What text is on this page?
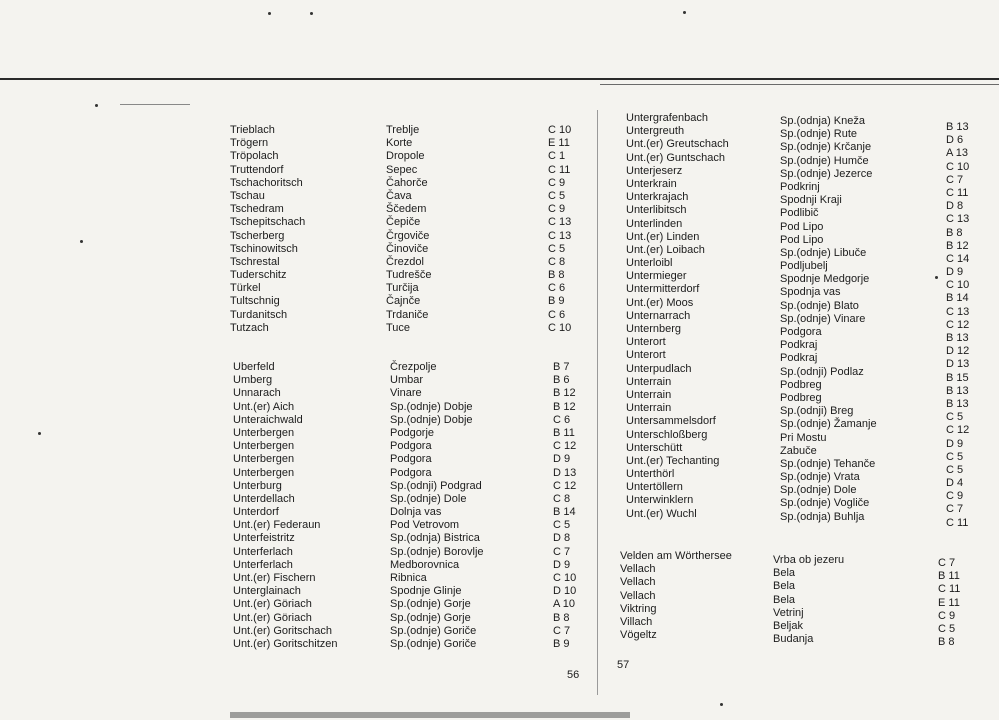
Trieblach
Trögern
Tröpolach
Truttendorf
Tschachoritsch
Tschau
Tschedram
Tschepitschach
Tscherberg
Tschinowitsch
Tschrestal
Tuderschitz
Türkel
Tultschnig
Turdanitsch
Tutzach
Treblje
Korte
Dropole
Sepec
Čahorče
Čava
Ščedem
Čepiče
Črgoviče
Činoviče
Črezdol
Tudrešče
Turčija
Čajnče
Trdaniče
Tuce
C 10
E 11
C 1
C 11
C 9
C 5
C 9
C 13
C 13
C 5
C 8
B 8
C 6
B 9
C 6
C 10
Uberfeld
Umberg
Unnarach
Unt.(er) Aich
Unteraichwald
Unterbergen
Unterbergen
Unterbergen
Unterbergen
Unterburg
Unterdellach
Unterdorf
Unt.(er) Federaun
Unterfeistritz
Unterferlach
Unterferlach
Unt.(er) Fischern
Unterglainach
Unt.(er) Göriach
Unt.(er) Göriach
Unt.(er) Goritschach
Unt.(er) Goritschitzen
Črezpolje
Umbar
Vinare
Sp.(odnje) Dobje
Sp.(odnje) Dobje
Podgorje
Podgora
Podgora
Podgora
Sp.(odnji) Podgrad
Sp.(odnje) Dole
Dolnja vas
Pod Vetrovom
Sp.(odnja) Bistrica
Sp.(odnje) Borovlje
Medborovnica
Ribnica
Spodnje Glinje
Sp.(odnje) Gorje
Sp.(odnje) Gorje
Sp.(odnje) Goriče
Sp.(odnje) Goriče
B 7
B 6
B 12
B 12
C 6
B 11
C 12
D 9
D 13
C 12
C 8
B 14
C 5
D 8
C 7
D 9
C 10
D 10
A 10
B 8
C 7
B 9
56
Untergrafenbach
Untergreuth
Unt.(er) Greutschach
Unt.(er) Guntschach
Unterjeserz
Unterkrain
Unterkrajach
Unterlibitsch
Unterlinden
Unt.(er) Linden
Unt.(er) Loibach
Unterloibl
Untermieger
Untermitterdorf
Unt.(er) Moos
Unternarrach
Unternberg
Unterort
Unterort
Unterpudlach
Unterrain
Unterrain
Unterrain
Untersammelsdorf
Unterschloßberg
Unterschütt
Unt.(er) Techanting
Unterthörl
Untertöllern
Unterwinklern
Unt.(er) Wuchl
Sp.(odnja) Kneža
Sp.(odnje) Rute
Sp.(odnje) Krčanje
Sp.(odnje) Humče
Sp.(odnje) Jezerce
Podkrinj
Spodnji Kraji
Podlibič
Pod Lipo
Pod Lipo
Sp.(odnje) Libuče
Podljubelj
Spodnje Medgorje
Spodnja vas
Sp.(odnje) Blato
Sp.(odnje) Vinare
Podgora
Podkraj
Podkraj
Sp.(odnji) Podlaz
Podbreg
Podbreg
Sp.(odnji) Breg
Sp.(odnje) Žamanje
Pri Mostu
Zabuče
Sp.(odnje) Tehanče
Sp.(odnje) Vrata
Sp.(odnje) Dole
Sp.(odnje) Vogliče
Sp.(odnja) Buhlja
B 13
D 6
A 13
C 10
C 7
C 11
D 8
C 13
B 8
B 12
C 14
D 9
C 10
B 14
C 13
C 12
B 13
D 12
D 13
B 15
B 13
B 13
C 5
C 12
D 9
C 5
C 5
D 4
C 9
C 7
C 11
Velden am Wörthersee
Vellach
Vellach
Vellach
Viktring
Villach
Vögeltz
Vrba ob jezeru
Bela
Bela
Bela
Vetrinj
Beljak
Budanja
C 7
B 11
C 11
E 11
C 9
C 5
B 8
57
